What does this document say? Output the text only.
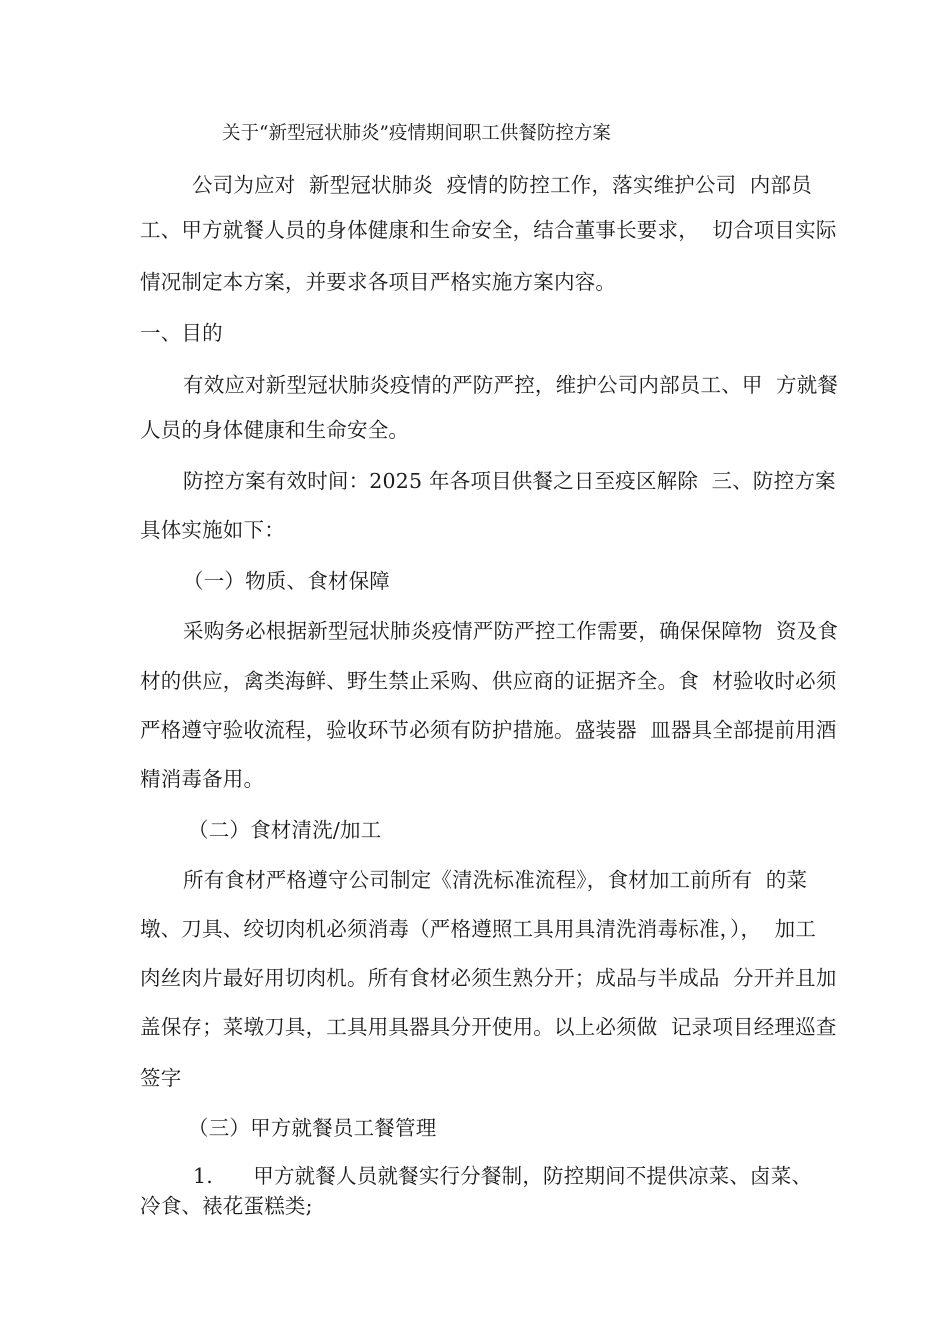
关于“新型冠状肺炎”疫情期间职工供餐防控方案
公司为应对  新型冠状肺炎  疫情的防控工作，落实维护公司  内部员
工、甲方就餐人员的身体健康和生命安全，结合董事长要求，  切合项目实际
情况制定本方案，并要求各项目严格实施方案内容。
一、目的
有效应对新型冠状肺炎疫情的严防严控，维护公司内部员工、甲  方就餐
人员的身体健康和生命安全。
防控方案有效时间：2025 年各项目供餐之日至疫区解除  三、防控方案
具体实施如下：
（一）物质、食材保障
采购务必根据新型冠状肺炎疫情严防严控工作需要，确保保障物  资及食
材的供应，禽类海鲜、野生禁止采购、供应商的证据齐全。食  材验收时必须
严格遵守验收流程，验收环节必须有防护措施。盛装器  皿器具全部提前用酒
精消毒备用。
（二）食材清洗/加工
所有食材严格遵守公司制定《清洗标准流程》，食材加工前所有  的菜
墩、刀具、绞切肉机必须消毒（严格遵照工具用具清洗消毒标准，），  加工
肉丝肉片最好用切肉机。所有食材必须生熟分开；成品与半成品  分开并且加
盖保存；菜墩刀具，工具用具器具分开使用。以上必须做  记录项目经理巡查
签字
（三）甲方就餐员工餐管理
1.      甲方就餐人员就餐实行分餐制，防控期间不提供凉菜、卤菜、
冷食、裱花蛋糕类;
